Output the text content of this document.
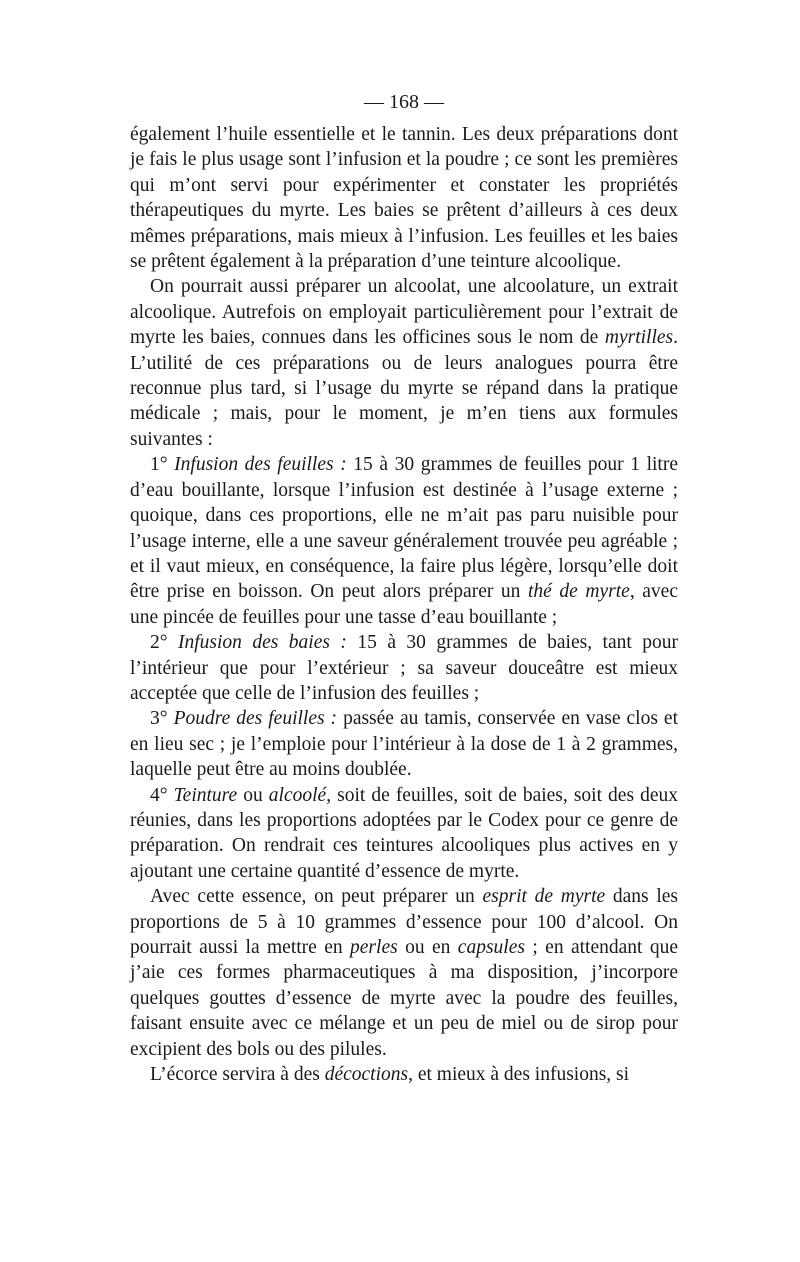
— 168 —

également l’huile essentielle et le tannin. Les deux préparations dont je fais le plus usage sont l’infusion et la poudre ; ce sont les premières qui m’ont servi pour expérimenter et constater les propriétés thérapeutiques du myrte. Les baies se prêtent d’ailleurs à ces deux mêmes préparations, mais mieux à l’infusion. Les feuilles et les baies se prêtent également à la préparation d’une teinture alcoolique.

On pourrait aussi préparer un alcoolat, une alcoolature, un extrait alcoolique. Autrefois on employait particulièrement pour l’extrait de myrte les baies, connues dans les officines sous le nom de myrtilles. L’utilité de ces préparations ou de leurs analogues pourra être reconnue plus tard, si l’usage du myrte se répand dans la pratique médicale ; mais, pour le moment, je m’en tiens aux formules suivantes :

1° Infusion des feuilles : 15 à 30 grammes de feuilles pour 1 litre d’eau bouillante, lorsque l’infusion est destinée à l’usage externe ; quoique, dans ces proportions, elle ne m’ait pas paru nuisible pour l’usage interne, elle a une saveur généralement trouvée peu agréable ; et il vaut mieux, en conséquence, la faire plus légère, lorsqu’elle doit être prise en boisson. On peut alors préparer un thé de myrte, avec une pincée de feuilles pour une tasse d’eau bouillante ;

2° Infusion des baies : 15 à 30 grammes de baies, tant pour l’intérieur que pour l’extérieur ; sa saveur douceâtre est mieux acceptée que celle de l’infusion des feuilles ;

3° Poudre des feuilles : passée au tamis, conservée en vase clos et en lieu sec ; je l’emploie pour l’intérieur à la dose de 1 à 2 grammes, laquelle peut être au moins doublée.

4° Teinture ou alcoolé, soit de feuilles, soit de baies, soit des deux réunies, dans les proportions adoptées par le Codex pour ce genre de préparation. On rendrait ces teintures alcooliques plus actives en y ajoutant une certaine quantité d’essence de myrte.

Avec cette essence, on peut préparer un esprit de myrte dans les proportions de 5 à 10 grammes d’essence pour 100 d’alcool. On pourrait aussi la mettre en perles ou en capsules ; en attendant que j’aie ces formes pharmaceutiques à ma disposition, j’incorpore quelques gouttes d’essence de myrte avec la poudre des feuilles, faisant ensuite avec ce mélange et un peu de miel ou de sirop pour excipient des bols ou des pilules.

L’écorce servira à des décoctions, et mieux à des infusions, si
